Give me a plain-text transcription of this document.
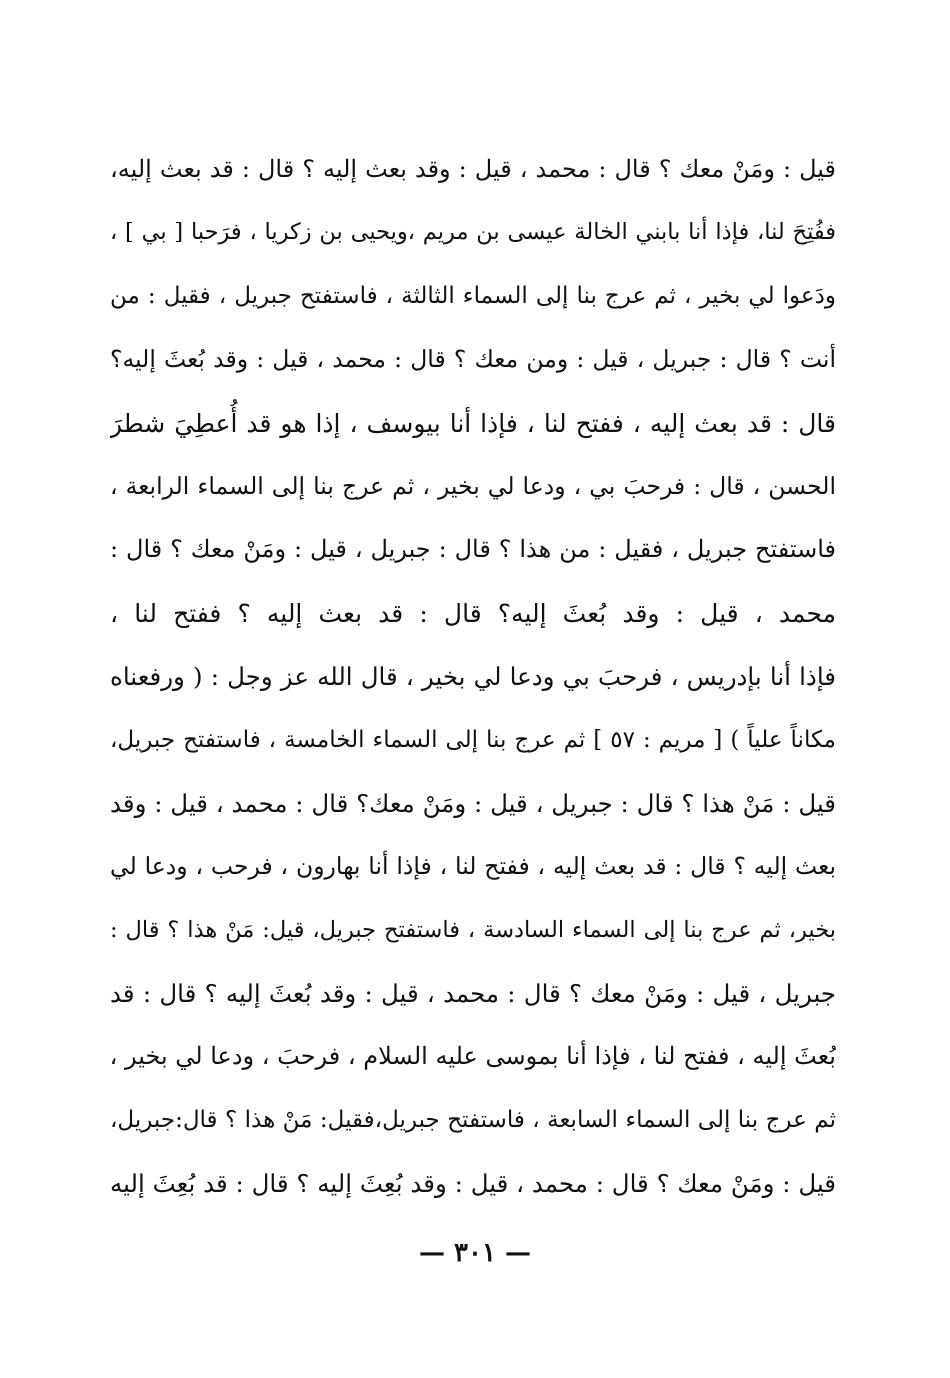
قيل : ومَنْ معك ؟ قال : محمد ، قيل : وقد بعث إليه ؟ قال : قد بعث إليه،
ففُتِحَ لنا، فإذا أنا بابني الخالة عيسى بن مريم ،ويحيى بن زكريا ، فرَحبا [ بي ] ،
ودَعوا لي بخير ، ثم عرج بنا إلى السماء الثالثة ، فاستفتح جبريل ، فقيل : من
أنت ؟ قال : جبريل ، قيل : ومن معك ؟ قال : محمد ، قيل : وقد بُعثَ إليه؟
قال : قد بعث إليه ، ففتح لنا ، فإذا أنا بيوسف ، إذا هو قد أُعطِيَ شطرَ
الحسن ، قال : فرحبَ بي ، ودعا لي بخير ، ثم عرج بنا إلى السماء الرابعة ،
فاستفتح جبريل ، فقيل : من هذا ؟ قال : جبريل ، قيل : ومَنْ معك ؟ قال :
محمد ، قيل : وقد بُعثَ إليه؟ قال : قد بعث إليه ؟ ففتح لنا ،
فإذا أنا بإدريس ، فرحبَ بي ودعا لي بخير ، قال الله عز وجل : ( ورفعناه
مكاناً علياً ) [ مريم : ٥٧ ] ثم عرج بنا إلى السماء الخامسة ، فاستفتح جبريل،
قيل : مَنْ هذا ؟ قال : جبريل ، قيل : ومَنْ معك؟ قال : محمد ، قيل : وقد
بعث إليه ؟ قال : قد بعث إليه ، ففتح لنا ، فإذا أنا بهارون ، فرحب ، ودعا لي
بخير، ثم عرج بنا إلى السماء السادسة ، فاستفتح جبريل، قيل: مَنْ هذا ؟ قال :
جبريل ، قيل : ومَنْ معك ؟ قال : محمد ، قيل : وقد بُعثَ إليه ؟ قال : قد
بُعثَ إليه ، ففتح لنا ، فإذا أنا بموسى عليه السلام ، فرحبَ ، ودعا لي بخير ،
ثم عرج بنا إلى السماء السابعة ، فاستفتح جبريل،فقيل: مَنْ هذا ؟ قال:جبريل،
قيل : ومَنْ معك ؟ قال : محمد ، قيل : وقد بُعِثَ إليه ؟ قال : قد بُعِثَ إليه
— ٣٠١ —
